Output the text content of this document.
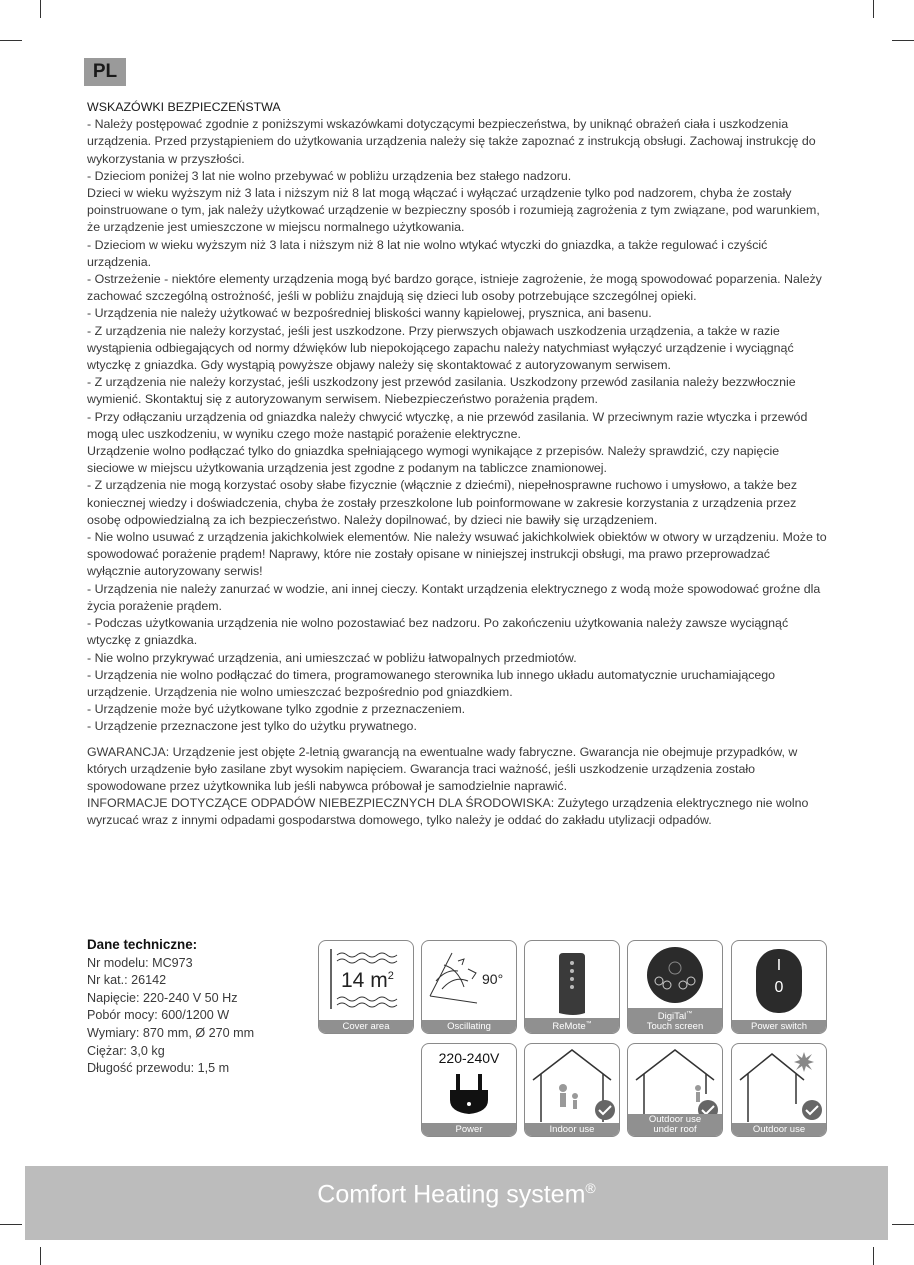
PL

WSKAZÓWKI BEZPIECZEŃSTWA

- Należy postępować zgodnie z poniższymi wskazówkami dotyczącymi bezpieczeństwa, by uniknąć obrażeń ciała i uszkodzenia urządzenia. Przed przystąpieniem do użytkowania urządzenia należy się także zapoznać z instrukcją obsługi. Zachowaj instrukcję do wykorzystania w przyszłości.

- Dzieciom poniżej 3 lat nie wolno przebywać w pobliżu urządzenia bez stałego nadzoru.

Dzieci w wieku wyższym niż 3 lata i niższym niż 8 lat mogą włączać i wyłączać urządzenie tylko pod nadzorem, chyba że zostały poinstruowane o tym, jak należy użytkować urządzenie w bezpieczny sposób i rozumieją zagrożenia z tym związane, pod warunkiem, że urządzenie jest umieszczone w miejscu normalnego użytkowania.

- Dzieciom w wieku wyższym niż 3 lata i niższym niż 8 lat nie wolno wtykać wtyczki do gniazdka, a także regulować i czyścić urządzenia.

- Ostrzeżenie - niektóre elementy urządzenia mogą być bardzo gorące, istnieje zagrożenie, że mogą spowodować poparzenia. Należy zachować szczególną ostrożność, jeśli w pobliżu znajdują się dzieci lub osoby potrzebujące szczególnej opieki.

- Urządzenia nie należy użytkować w bezpośredniej bliskości wanny kąpielowej, prysznica, ani basenu.

- Z urządzenia nie należy korzystać, jeśli jest uszkodzone. Przy pierwszych objawach uszkodzenia urządzenia, a także w razie wystąpienia odbiegających od normy dźwięków lub niepokojącego zapachu należy natychmiast wyłączyć urządzenie i wyciągnąć wtyczkę z gniazdka. Gdy wystąpią powyższe objawy należy się skontaktować z autoryzowanym serwisem.

- Z urządzenia nie należy korzystać, jeśli uszkodzony jest przewód zasilania. Uszkodzony przewód zasilania należy bezzwłocznie wymienić. Skontaktuj się z autoryzowanym serwisem. Niebezpieczeństwo porażenia prądem.

- Przy odłączaniu urządzenia od gniazdka należy chwycić wtyczkę, a nie przewód zasilania. W przeciwnym razie wtyczka i przewód mogą ulec uszkodzeniu, w wyniku czego może nastąpić porażenie elektryczne.

Urządzenie wolno podłączać tylko do gniazdka spełniającego wymogi wynikające z przepisów. Należy sprawdzić, czy napięcie sieciowe w miejscu użytkowania urządzenia jest zgodne z podanym na tabliczce znamionowej.

- Z urządzenia nie mogą korzystać osoby słabe fizycznie (włącznie z dziećmi), niepełnosprawne ruchowo i umysłowo, a także bez koniecznej wiedzy i doświadczenia, chyba że zostały przeszkolone lub poinformowane w zakresie korzystania z urządzenia przez osobę odpowiedzialną za ich bezpieczeństwo. Należy dopilnować, by dzieci nie bawiły się urządzeniem.

- Nie wolno usuwać z urządzenia jakichkolwiek elementów. Nie należy wsuwać jakichkolwiek obiektów w otwory w urządzeniu. Może to spowodować porażenie prądem! Naprawy, które nie zostały opisane w niniejszej instrukcji obsługi, ma prawo przeprowadzać wyłącznie autoryzowany serwis!

- Urządzenia nie należy zanurzać w wodzie, ani innej cieczy. Kontakt urządzenia elektrycznego z wodą może spowodować groźne dla życia porażenie prądem.

- Podczas użytkowania urządzenia nie wolno pozostawiać bez nadzoru. Po zakończeniu użytkowania należy zawsze wyciągnąć wtyczkę z gniazdka.

- Nie wolno przykrywać urządzenia, ani umieszczać w pobliżu łatwopalnych przedmiotów.

- Urządzenia nie wolno podłączać do timera, programowanego sterownika lub innego układu automatycznie uruchamiającego urządzenie. Urządzenia nie wolno umieszczać bezpośrednio pod gniazdkiem.

- Urządzenie może być użytkowane tylko zgodnie z przeznaczeniem.

- Urządzenie przeznaczone jest tylko do użytku prywatnego.

GWARANCJA: Urządzenie jest objęte 2-letnią gwarancją na ewentualne wady fabryczne. Gwarancja nie obejmuje przypadków, w których urządzenie było zasilane zbyt wysokim napięciem. Gwarancja traci ważność, jeśli uszkodzenie urządzenia zostało spowodowane przez użytkownika lub jeśli nabywca próbował je samodzielnie naprawić.

INFORMACJE DOTYCZĄCE ODPADÓW NIEBEZPIECZNYCH DLA ŚRODOWISKA: Zużytego urządzenia elektrycznego nie wolno wyrzucać wraz z innymi odpadami gospodarstwa domowego, tylko należy je oddać do zakładu utylizacji odpadów.

Dane techniczne:
Nr modelu: MC973
Nr kat.: 26142
Napięcie: 220-240 V 50 Hz
Pobór mocy: 600/1200 W
Wymiary: 870 mm, Ø 270 mm
Ciężar: 3,0 kg
Długość przewodu: 1,5 m
14 $m^2$
Cover area
90°
Oscillating	ReMote™
DigiTal™
Touch screen
I
0
Power switch
220-240V
Power	Indoor use
Outdoor use
under roof	Outdoor use
Comfort Heating system®
